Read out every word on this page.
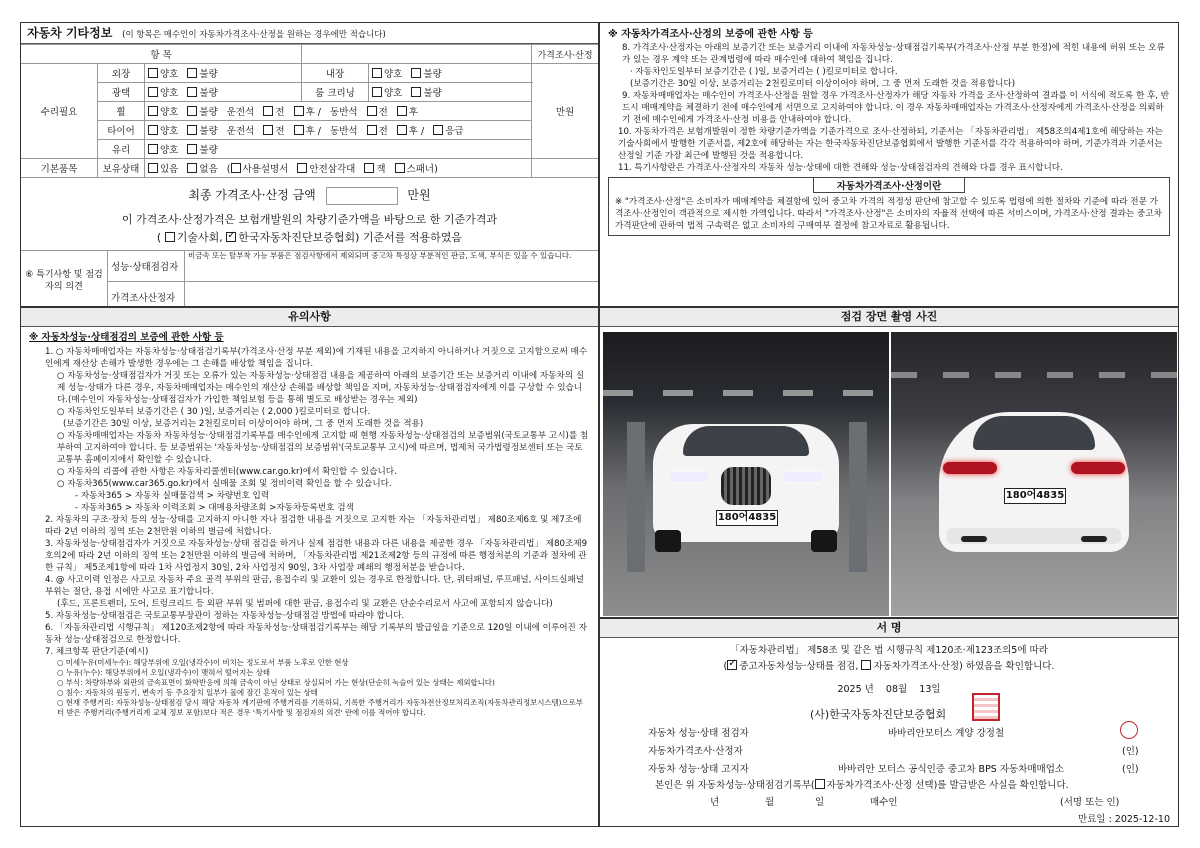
자동차 기타정보 (이 항목은 매수인이 자동차가격조사·산정을 원하는 경우에만 적습니다)
항 목					가격조사·산정
수리필요	외장	양호 불량	내장	양호 불량	만원
	광택	양호 불량	룸 크리닝	양호 불량	
	휠	양호 불량 운전석 전 후 / 동반석 전 후			
	타이어	양호 불량 운전석 전 후 / 동반석 전 후 / 응급			
	유리	양호 불량			
기본품목	보유상태	있음 없음 ( 사용설명서 안전삼각대 잭 스패너)			
최종 가격조사·산정 금액	만원
이 가격조사·산정가격은 보험개발원의 차량기준가액을 바탕으로 한 기준가격과
( 기술사회, ✓한국자동차진단보증협회) 기준서를 적용하였음
⑥ 특기사항 및 점검자의 의견	성능·상태점검자	비금속 또는 탈부착 가능 부품은 점검사항에서 제외되며 중고차 특성상 부분적인 판금, 도색, 부식은 있을 수 있습니다.
	가격조사산정자	
※ 자동차가격조사·산정의 보증에 관한 사항 등

8. 가격조사·산정자는 아래의 보증기간 또는 보증거리 이내에 자동차성능·상태점검기록부(가격조사·산정 부분 한정)에 적힌 내용에 허위 또는 오류가 있는 경우 계약 또는 관계법령에 따라 매수인에 대하여 책임을 집니다.

· 자동차인도일부터 보증기간은 ( )일, 보증거리는 ( )킬로미터로 합니다.

(보증기간은 30일 이상, 보증거리는 2천킬로미터 이상이어야 하며, 그 중 먼저 도래한 것을 적용합니다)

9. 자동차매매업자는 매수인이 가격조사·산정을 원할 경우 가격조사·산정자가 해당 자동차 가격을 조사·산정하여 결과를 이 서식에 적도록 한 후, 반드시 매매계약을 체결하기 전에 매수인에게 서면으로 고지하여야 합니다. 이 경우 자동차매매업자는 가격조사·산정자에게 가격조사·산정을 의뢰하기 전에 매수인에게 가격조사·산정 비용을 안내하여야 합니다.

10. 자동차가격은 보험개발원이 정한 차량기준가액을 기준가격으로 조사·산정하되, 기준서는 「자동차관리법」 제58조의4제1호에 해당하는 자는 기술사회에서 발행한 기준서를, 제2호에 해당하는 자는 한국자동차진단보증협회에서 발행한 기준서를 각각 적용하여야 하며, 기준가격과 기준서는 산정일 기준 가장 최근에 발행된 것을 적용합니다.

11. 특기사항란은 가격조사·산정자의 자동차 성능·상태에 대한 견해와 성능·상태점검자의 견해와 다를 경우 표시합니다.

자동차가격조사·산정이란

※ "가격조사·산정"은 소비자가 매매계약을 체결함에 있어 중고차 가격의 적정성 판단에 참고할 수 있도록 법령에 의한 절차와 기준에 따라 전문 가격조사·산정인이 객관적으로 제시한 가액입니다. 따라서 "가격조사·산정"은 소비자의 자율적 선택에 따른 서비스이며, 가격조사·산정 결과는 중고차 가격판단에 관하여 법적 구속력은 없고 소비자의 구매여부 결정에 참고자료로 활용됩니다.

유의사항
※ 자동차성능·상태점검의 보증에 관한 사항 등

1. ○ 자동차매매업자는 자동차성능·상태점검기록부(가격조사·산정 부분 제외)에 기재된 내용을 고지하지 아니하거나 거짓으로 고지함으로써 매수인에게 재산상 손해가 발생한 경우에는 그 손해를 배상할 책임을 집니다.

○ 자동차성능·상태점검자가 거짓 또는 오류가 있는 자동차성능·상태점검 내용을 제공하여 아래의 보증기간 또는 보증거리 이내에 자동차의 실제 성능·상태가 다른 경우, 자동차매매업자는 매수인의 재산상 손해를 배상할 책임을 지며, 자동차성능·상태점검자에게 이를 구상할 수 있습니다.(매수인이 자동차성능·상태점검자가 가입한 책임보험 등을 통해 별도로 배상받는 경우는 제외)

○ 자동차인도일부터 보증기간은 ( 30 )일, 보증거리는 ( 2,000 )킬로미터로 합니다.

(보증기간은 30일 이상, 보증거리는 2천킬로미터 이상이어야 하며, 그 중 먼저 도래한 것을 적용)

○ 자동차매매업자는 자동차 자동차성능·상태점검기록부를 매수인에게 고지할 때 현행 자동차성능·상태점검의 보증범위(국토교통부 고시)를 첨부하여 고지하여야 합니다. 등 보증범위는 '자동차성능·상태점검의 보증범위'(국토교통부 고시)에 따르며, 법제처 국가법령정보센터 또는 국토교통부 홈페이지에서 확인할 수 있습니다.

○ 자동차의 리콜에 관한 사항은 자동차리콜센터(www.car.go.kr)에서 확인할 수 있습니다.

○ 자동차365(www.car365.go.kr)에서 실매물 조회 및 정비이력 확인을 할 수 있습니다.

- 자동차365 > 자동차 실매물검색 > 차량번호 입력

- 자동차365 > 자동차 이력조회 > 대매용차량조회 >자동차등록번호 검색

2. 자동차의 구조·장치 등의 성능·상태를 고지하지 아니한 자나 점검한 내용을 거짓으로 고지한 자는 「자동차관리법」 제80조제6호 및 제7조에 따라 2년 이하의 징역 또는 2천만원 이하의 벌금에 처합니다.

3. 자동차성능·상태점검자가 거짓으로 자동차성능·상태 점검을 하거나 실제 점검한 내용과 다른 내용을 제공한 경우 「자동차관리법」 제80조제9호의2에 따라 2년 이하의 징역 또는 2천만원 이하의 벌금에 처하며, 「자동차관리법 제21조제2항 등의 규정에 따른 행정처분의 기준과 절차에 관한 규칙」 제5조제1항에 따라 1차 사업정지 30일, 2차 사업정지 90일, 3차 사업장 폐쇄의 행정처분을 받습니다.

4. @ 사고이력 인정은 사고로 자동차 주요 골격 부위의 판금, 용접수리 및 교환이 있는 경우로 한정합니다. 단, 쿼터패널, 루프패널, 사이드실패널 부위는 절단, 용접 시에만 사고로 표기합니다.

(후드, 프론트펜더, 도어, 트렁크리드 등 외판 부위 및 범퍼에 대한 판금, 용접수리 및 교환은 단순수리로서 사고에 포함되지 않습니다)

5. 자동차성능·상태점검은 국토교통부장관이 정하는 자동차성능·상태점검 방법에 따라야 합니다.

6. 「자동차관리법 시행규칙」 제120조제2항에 따라 자동차성능·상태점검기록부는 해당 기록부의 발급일을 기준으로 120일 이내에 이루어진 자동차 성능·상태점검으로 한정합니다.

7. 체크항목 판단기준(예시)

○ 미세누유(미세누수): 해당부위에 오일(냉각수)이 비치는 정도로서 부품 노후로 인한 현상

○ 누유(누수): 해당부위에서 오일(냉각수)이 맺혀서 떨어지는 상태

○ 부식: 차량하부와 외판의 금속표면이 화학반응에 의해 금속이 아닌 상태로 상실되어 가는 현상(단순히 녹슬어 있는 상태는 제외합니다)

○ 침수: 자동차의 원동기, 변속기 등 주요장치 일부가 물에 잠긴 흔적이 있는 상태

○ 현재 주행거리: 자동차성능·상태점검 당시 해당 자동차 계기판에 주행거리를 기록하되, 기록한 주행거리가 자동차전산정보처리조직(자동차관리정보시스템)으로부터 받은 주행거리(주행거리계 교체 정보 포함)보다 적은 경우 '특기사항 및 점검자의 의견' 란에 이를 적어야 합니다.

점검 장면 촬영 사진
180어4835
180어4835
서 명
「자동차관리법」 제58조 및 같은 법 시행규칙 제120조·제123조의5에 따라
( ✓ 중고자동차성능·상태를 점검, 자동차가격조사·산정) 하였음을 확인합니다.
2025 년 08월 13일
(사)한국자동차진단보증협회
자동차 성능·상태 점검자	바바리안모터스 계양 강정철
자동차가격조사·산정자	(인)
자동차 성능·상태 고지자	바바리안 모터스 공식인증 중고차 BPS 자동차매매업소	(인)
본인은 위 자동차성능·상태점검기록부( 자동차가격조사·산정 선택)를 발급받은 사실을 확인합니다.
년	월	일	매수인	(서명 또는 인)
만료일 : 2025-12-10
